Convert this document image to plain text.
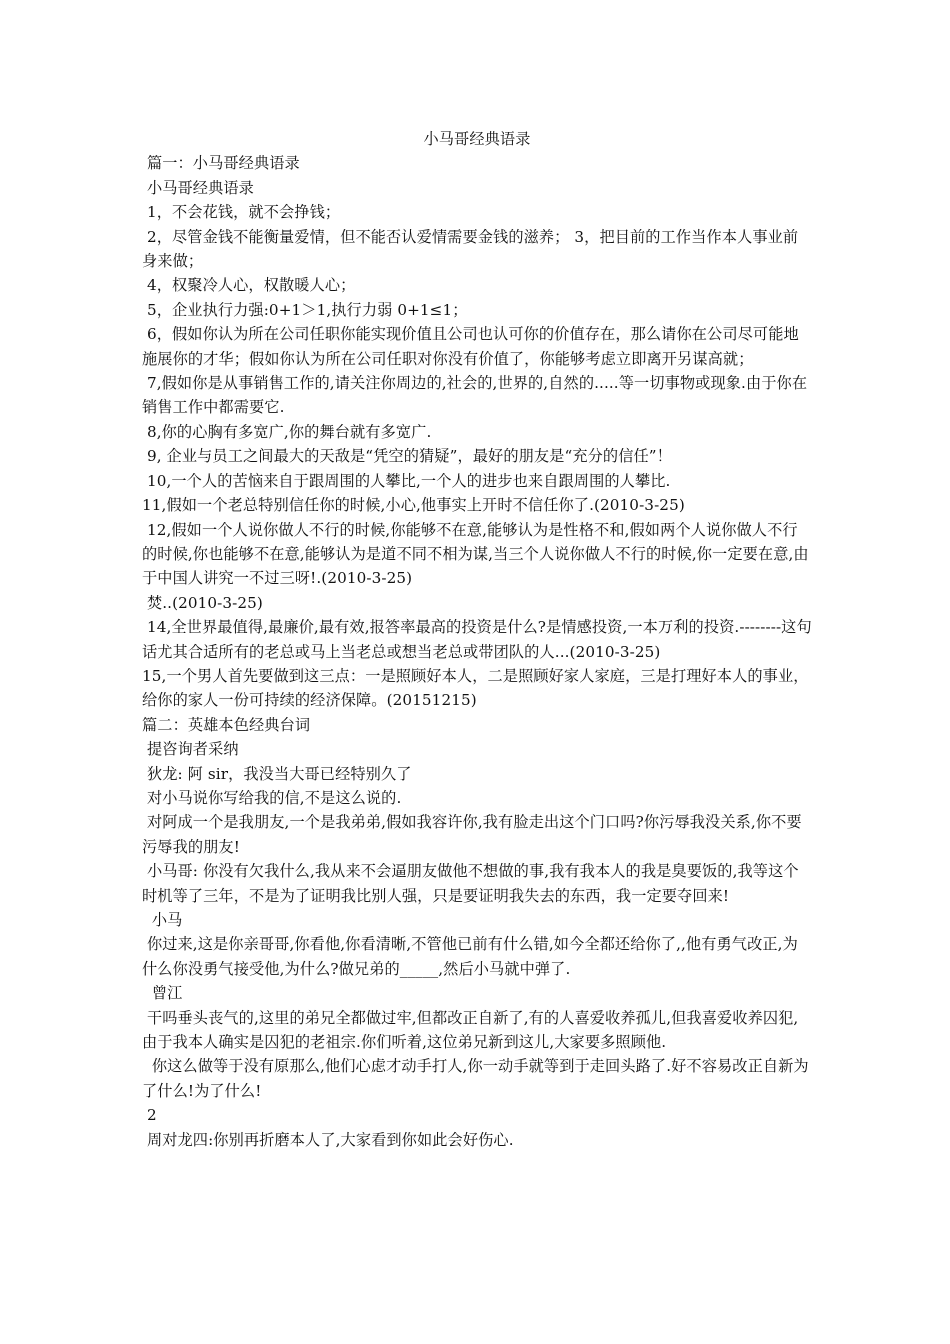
小马哥经典语录

篇一：小马哥经典语录

小马哥经典语录

1，不会花钱，就不会挣钱；

2，尽管金钱不能衡量爱情，但不能否认爱情需要金钱的滋养； 3，把目前的工作当作本人事业前身来做；

4，权聚冷人心，权散暖人心；

5，企业执行力强:0+1＞1,执行力弱 0+1≤1；

6，假如你认为所在公司任职你能实现价值且公司也认可你的价值存在，那么请你在公司尽可能地施展你的才华；假如你认为所在公司任职对你没有价值了，你能够考虑立即离开另谋高就；

7,假如你是从事销售工作的,请关注你周边的,社会的,世界的,自然的.....等一切事物或现象.由于你在销售工作中都需要它.

8,你的心胸有多宽广,你的舞台就有多宽广.

9, 企业与员工之间最大的天敌是“凭空的猜疑”，最好的朋友是“充分的信任”！

10,一个人的苦恼来自于跟周围的人攀比,一个人的进步也来自跟周围的人攀比.

11,假如一个老总特别信任你的时候,小心,他事实上开时不信任你了.(2010-3-25)

12,假如一个人说你做人不行的时候,你能够不在意,能够认为是性格不和,假如两个人说你做人不行的时候,你也能够不在意,能够认为是道不同不相为谋,当三个人说你做人不行的时候,你一定要在意,由于中国人讲究一不过三呀!.(2010-3-25)

焚..(2010-3-25)

14,全世界最值得,最廉价,最有效,报答率最高的投资是什么?是情感投资,一本万利的投资.--------这句话尤其合适所有的老总或马上当老总或想当老总或带团队的人...(2010-3-25)

15,一个男人首先要做到这三点：一是照顾好本人，二是照顾好家人家庭，三是打理好本人的事业，给你的家人一份可持续的经济保障。(20151215)

篇二：英雄本色经典台词

提咨询者采纳

狄龙: 阿 sir，我没当大哥已经特别久了

对小马说你写给我的信,不是这么说的.

对阿成一个是我朋友,一个是我弟弟,假如我容许你,我有脸走出这个门口吗?你污辱我没关系,你不要污辱我的朋友!

小马哥: 你没有欠我什么,我从来不会逼朋友做他不想做的事,我有我本人的我是臭要饭的,我等这个时机等了三年，不是为了证明我比别人强，只是要证明我失去的东西，我一定要夺回来!

小马

你过来,这是你亲哥哥,你看他,你看清晰,不管他已前有什么错,如今全都还给你了,,他有勇气改正,为什么你没勇气接受他,为什么?做兄弟的_____,然后小马就中弹了.

曾江

干吗垂头丧气的,这里的弟兄全都做过牢,但都改正自新了,有的人喜爱收养孤儿,但我喜爱收养囚犯,由于我本人确实是囚犯的老祖宗.你们听着,这位弟兄新到这儿,大家要多照顾他.

你这么做等于没有原那么,他们心虑才动手打人,你一动手就等到于走回头路了.好不容易改正自新为了什么!为了什么!

2

周对龙四:你别再折磨本人了,大家看到你如此会好伤心.
